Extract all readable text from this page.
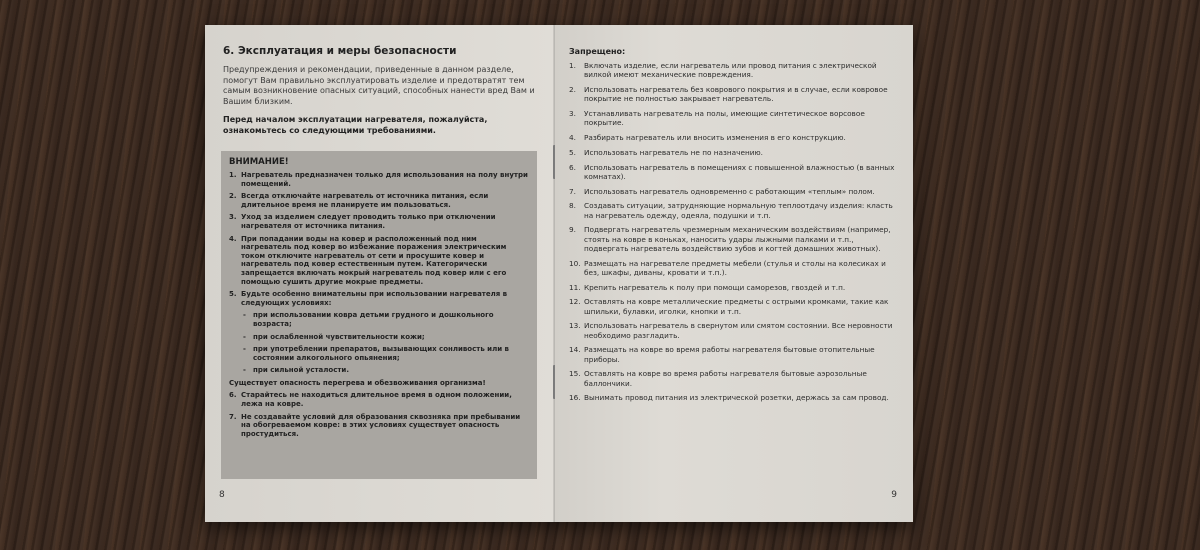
6. Эксплуатация и меры безопасности
Предупреждения и рекомендации, приведенные в данном разделе, помогут Вам правильно эксплуатировать изделие и предотвратят тем самым возникновение опасных ситуаций, способных нанести вред Вам и Вашим близким.
Перед началом эксплуатации нагревателя, пожалуйста, ознакомьтесь со следующими требованиями.
ВНИМАНИЕ!
1. Нагреватель предназначен только для использования на полу внутри помещений.
2. Всегда отключайте нагреватель от источника питания, если длительное время не планируете им пользоваться.
3. Уход за изделием следует проводить только при отключении нагревателя от источника питания.
4. При попадании воды на ковер и расположенный под ним нагреватель под ковер во избежание поражения электрическим током отключите нагреватель от сети и просушите ковер и нагреватель под ковер естественным путем. Категорически запрещается включать мокрый нагреватель под ковер или с его помощью сушить другие мокрые предметы.
5. Будьте особенно внимательны при использовании нагревателя в следующих условиях:
-	при использовании ковра детьми грудного и дошкольного возраста;
-	при ослабленной чувствительности кожи;
-	при употреблении препаратов, вызывающих сонливость или в состоянии алкогольного опьянения;
-	при сильной усталости.
Существует опасность перегрева и обезвоживания организма!
6. Старайтесь не находиться длительное время в одном положении, лежа на ковре.
7. Не создавайте условий для образования сквозняка при пребывании на обогреваемом ковре: в этих условиях существует опасность простудиться.
8
Запрещено:
1.	Включать изделие, если нагреватель или провод питания с электрической вилкой имеют механические повреждения.
2.	Использовать нагреватель без коврового покрытия и в случае, если ковровое покрытие не полностью закрывает нагреватель.
3.	Устанавливать нагреватель на полы, имеющие синтетическое ворсовое покрытие.
4.	Разбирать нагреватель или вносить изменения в его конструкцию.
5.	Использовать нагреватель не по назначению.
6.	Использовать нагреватель в помещениях с повышенной влажностью (в ванных комнатах).
7.	Использовать нагреватель одновременно с работающим «теплым» полом.
8.	Создавать ситуации, затрудняющие нормальную теплоотдачу изделия: класть на нагреватель одежду, одеяла, подушки и т.п.
9.	Подвергать нагреватель чрезмерным механическим воздействиям (например, стоять на ковре в коньках, наносить удары лыжными палками и т.п., подвергать нагреватель воздействию зубов и когтей домашних животных).
10. Размещать на нагревателе предметы мебели (стулья и столы на колесиках и без, шкафы, диваны, кровати и т.п.).
11. Крепить нагреватель к полу при помощи саморезов, гвоздей и т.п.
12. Оставлять на ковре металлические предметы с острыми кромками, такие как шпильки, булавки, иголки, кнопки и т.п.
13. Использовать нагреватель в свернутом или смятом состоянии. Все неровности необходимо разгладить.
14. Размещать на ковре во время работы нагревателя бытовые отопительные приборы.
15. Оставлять на ковре во время работы нагревателя бытовые аэрозольные баллончики.
16. Вынимать провод питания из электрической розетки, держась за сам провод.
9
